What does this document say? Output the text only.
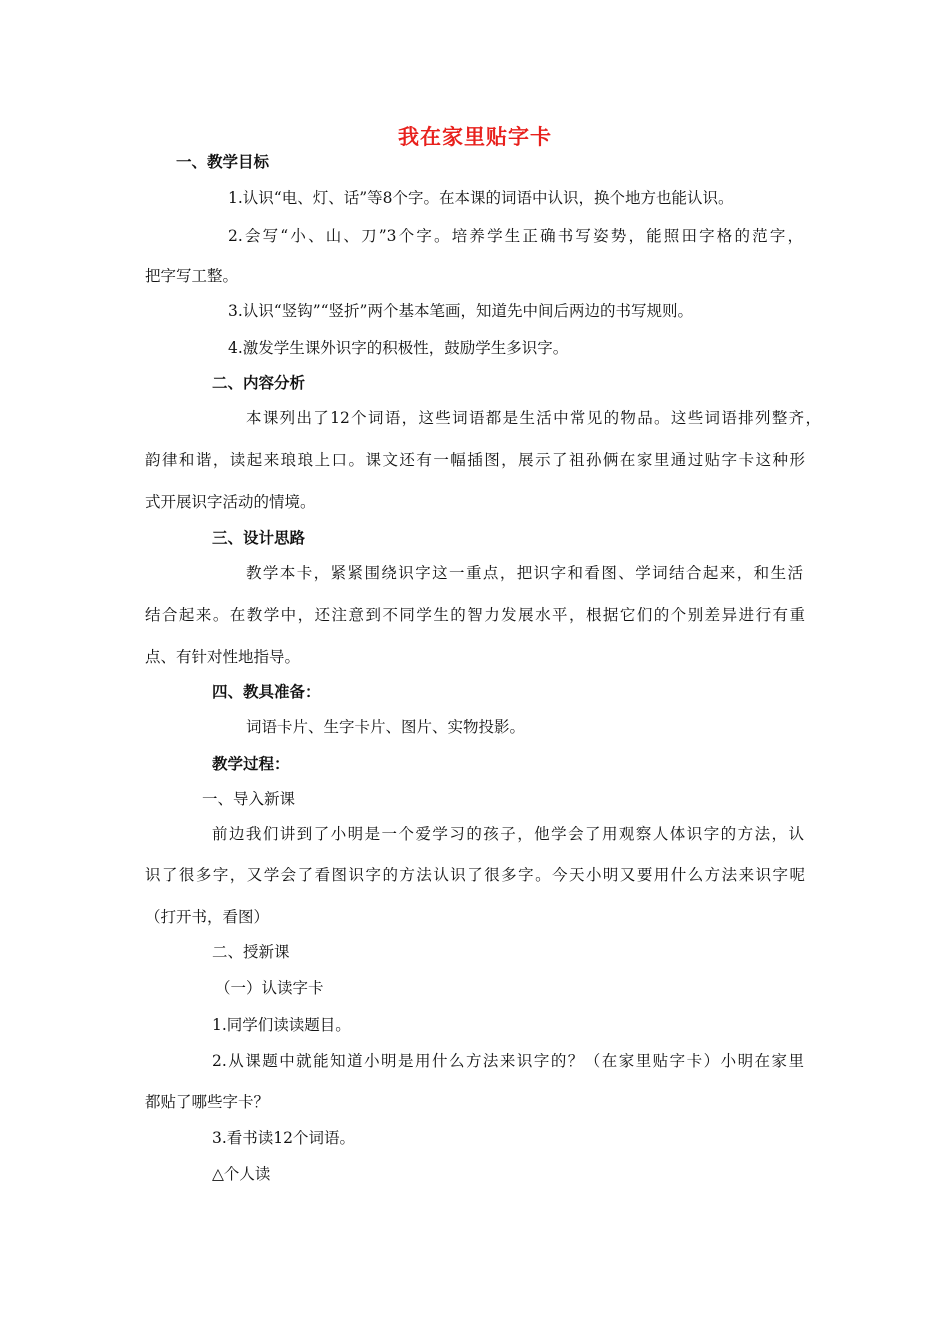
我在家里贴字卡
一、教学目标
1.认识“电、灯、话”等8个字。在本课的词语中认识，换个地方也能认识。
2.会写“小、山、刀”3个字。培养学生正确书写姿势，能照田字格的范字，
把字写工整。
3.认识“竖钩”“竖折”两个基本笔画，知道先中间后两边的书写规则。
4.激发学生课外识字的积极性，鼓励学生多识字。
二、内容分析
本课列出了12个词语，这些词语都是生活中常见的物品。这些词语排列整齐，
韵律和谐，读起来琅琅上口。课文还有一幅插图，展示了祖孙俩在家里通过贴字卡这种形
式开展识字活动的情境。
三、设计思路
教学本卡，紧紧围绕识字这一重点，把识字和看图、学词结合起来，和生活
结合起来。在教学中，还注意到不同学生的智力发展水平，根据它们的个别差异进行有重
点、有针对性地指导。
四、教具准备：
词语卡片、生字卡片、图片、实物投影。
教学过程：
一、导入新课
前边我们讲到了小明是一个爱学习的孩子，他学会了用观察人体识字的方法，认
识了很多字，又学会了看图识字的方法认识了很多字。今天小明又要用什么方法来识字呢
（打开书，看图）
二、授新课
（一）认读字卡
1.同学们读读题目。
2.从课题中就能知道小明是用什么方法来识字的？（在家里贴字卡）小明在家里
都贴了哪些字卡？
3.看书读12个词语。
△个人读
